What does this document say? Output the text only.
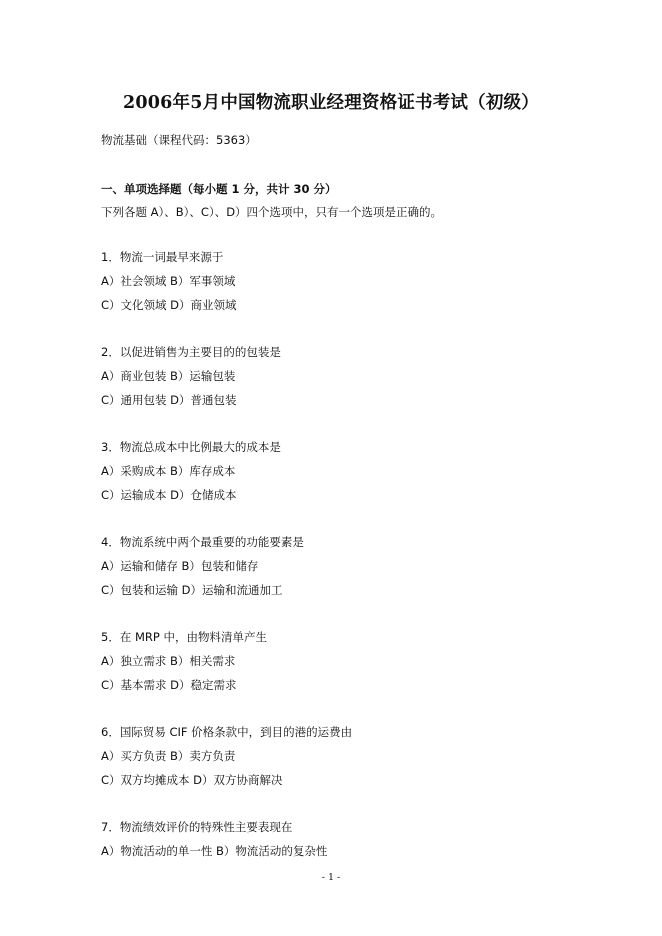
2006年5月中国物流职业经理资格证书考试（初级）
物流基础（课程代码：5363）
一、单项选择题（每小题 1 分，共计 30 分）
下列各题 A）、B）、C）、D）四个选项中，只有一个选项是正确的。
1．物流一词最早来源于
A）社会领域 B）军事领域
C）文化领域 D）商业领域
2．以促进销售为主要目的的包装是
A）商业包装 B）运输包装
C）通用包装 D）普通包装
3．物流总成本中比例最大的成本是
A）采购成本 B）库存成本
C）运输成本 D）仓储成本
4．物流系统中两个最重要的功能要素是
A）运输和储存 B）包装和储存
C）包装和运输 D）运输和流通加工
5．在 MRP 中，由物料清单产生
A）独立需求 B）相关需求
C）基本需求 D）稳定需求
6．国际贸易 CIF 价格条款中，到目的港的运费由
A）买方负责 B）卖方负责
C）双方均摊成本 D）双方协商解决
7．物流绩效评价的特殊性主要表现在
A）物流活动的单一性 B）物流活动的复杂性
- 1 -
